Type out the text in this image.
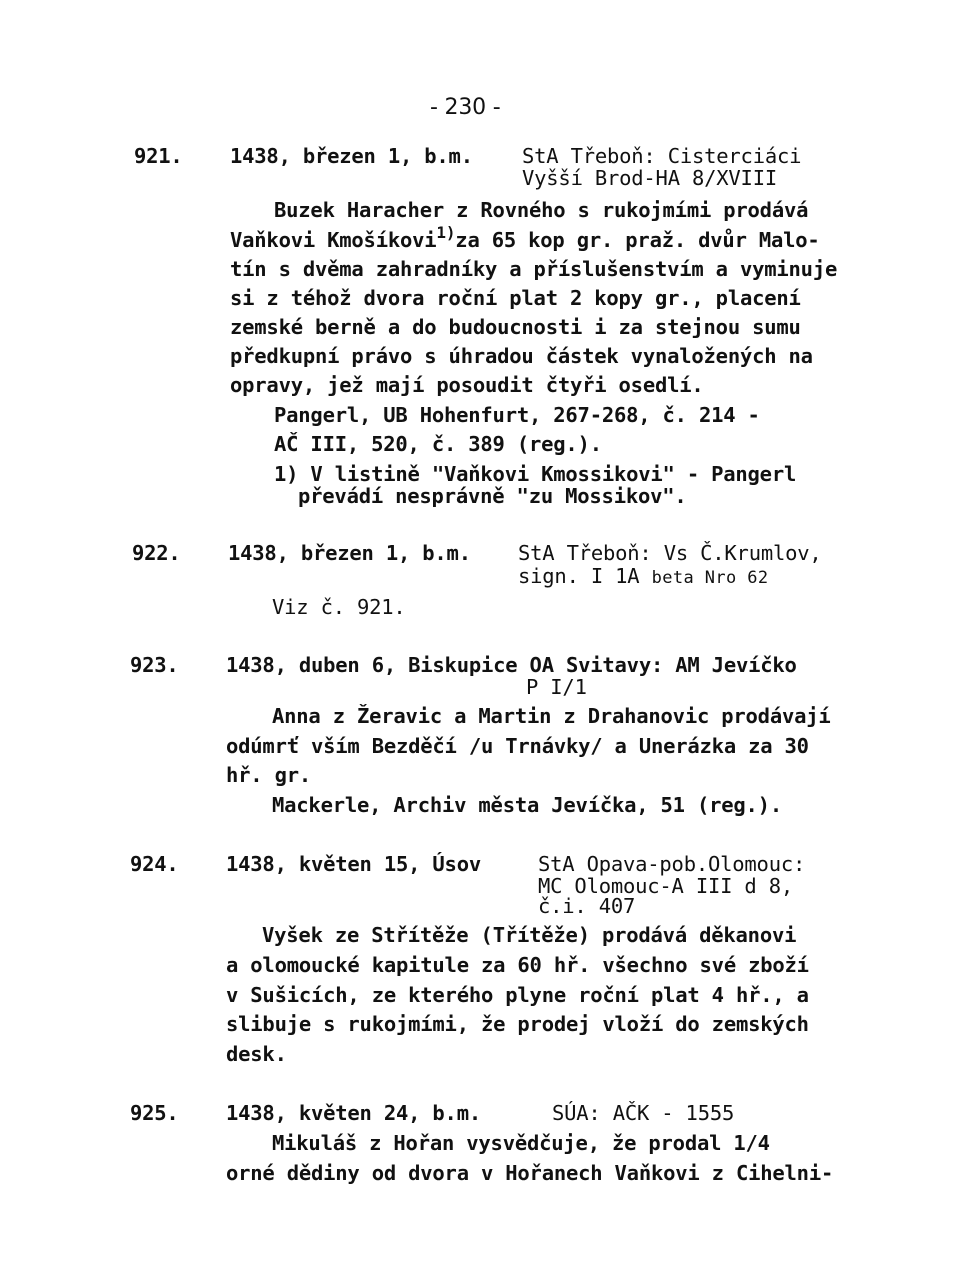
- 230 -
921. 1438, březen 1, b.m. StA Třeboň: Cisterciáci
Vyšší Brod-HA 8/XVIII
Buzek Haracher z Rovného s rukojmími prodává
Vaňkovi Kmošíkovi$^{1)}$za 65 kop gr. praž. dvůr Malo-
tín s dvěma zahradníky a příslušenstvím a vyminuje
si z téhož dvora roční plat 2 kopy gr., placení
zemské berně a do budoucnosti i za stejnou sumu
předkupní právo s úhradou částek vynaložených na
opravy, jež mají posoudit čtyři osedlí.
Pangerl, UB Hohenfurt, 267-268, č. 214 -
AČ III, 520, č. 389 (reg.).
1) V listině "Vaňkovi Kmossikovi" - Pangerl
převádí nesprávně "zu Mossikov".
922. 1438, březen 1, b.m. StA Třeboň: Vs Č.Krumlov,
sign. I 1A beta Nro 62
Viz č. 921.
923. 1438, duben 6, Biskupice OA Svitavy: AM Jevíčko
P I/1
Anna z Žeravic a Martin z Drahanovic prodávají
odúmrť vším Bezděčí /u Trnávky/ a Unerázka za 30
hř. gr.
Mackerle, Archiv města Jevíčka, 51 (reg.).
924. 1438, květen 15, Úsov	StA Opava-pob.Olomouc:
MC Olomouc-A III d 8,
č.i. 407
Vyšek ze Střítěže (Třítěže) prodává děkanovi
a olomoucké kapitule za 60 hř. všechno své zboží
v Sušicích, ze kterého plyne roční plat 4 hř., a
slibuje s rukojmími, že prodej vloží do zemských
desk.
925. 1438, květen 24, b.m.	SÚA: AČK - 1555
Mikuláš z Hořan vysvědčuje, že prodal 1/4
orné dědiny od dvora v Hořanech Vaňkovi z Cihelni-
